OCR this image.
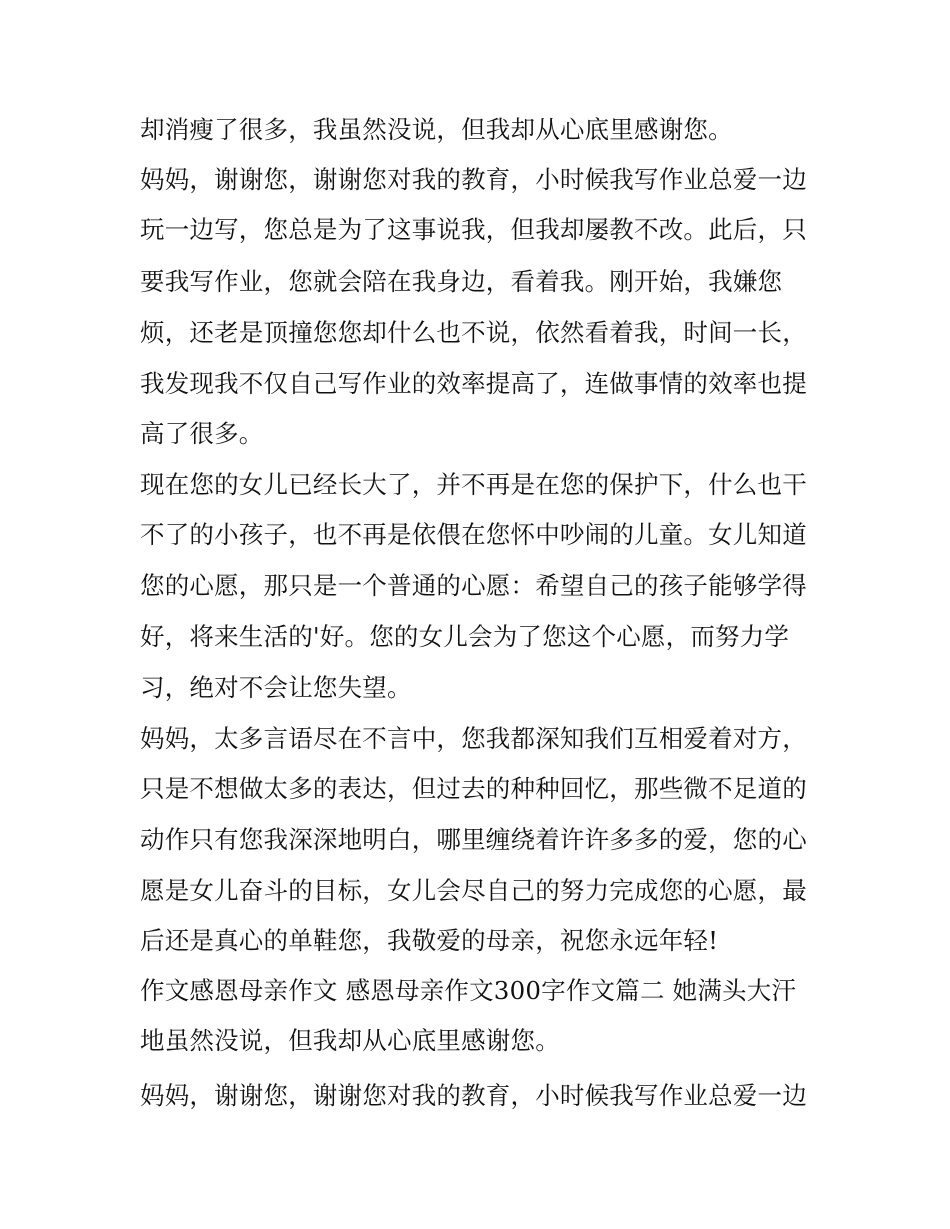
却消瘦了很多，我虽然没说，但我却从心底里感谢您。
妈妈，谢谢您，谢谢您对我的教育，小时候我写作业总爱一边
玩一边写，您总是为了这事说我，但我却屡教不改。此后，只
要我写作业，您就会陪在我身边，看着我。刚开始，我嫌您
烦，还老是顶撞您您却什么也不说，依然看着我，时间一长，
我发现我不仅自己写作业的效率提高了，连做事情的效率也提
高了很多。
现在您的女儿已经长大了，并不再是在您的保护下，什么也干
不了的小孩子，也不再是依偎在您怀中吵闹的儿童。女儿知道
您的心愿，那只是一个普通的心愿：希望自己的孩子能够学得
好，将来生活的'好。您的女儿会为了您这个心愿，而努力学
习，绝对不会让您失望。
妈妈，太多言语尽在不言中，您我都深知我们互相爱着对方，
只是不想做太多的表达，但过去的种种回忆，那些微不足道的
动作只有您我深深地明白，哪里缠绕着许许多多的爱，您的心
愿是女儿奋斗的目标，女儿会尽自己的努力完成您的心愿，最
后还是真心的单鞋您，我敬爱的母亲，祝您永远年轻!
作文感恩母亲作文 感恩母亲作文300字作文篇二 她满头大汗
地虽然没说，但我却从心底里感谢您。
妈妈，谢谢您，谢谢您对我的教育，小时候我写作业总爱一边
